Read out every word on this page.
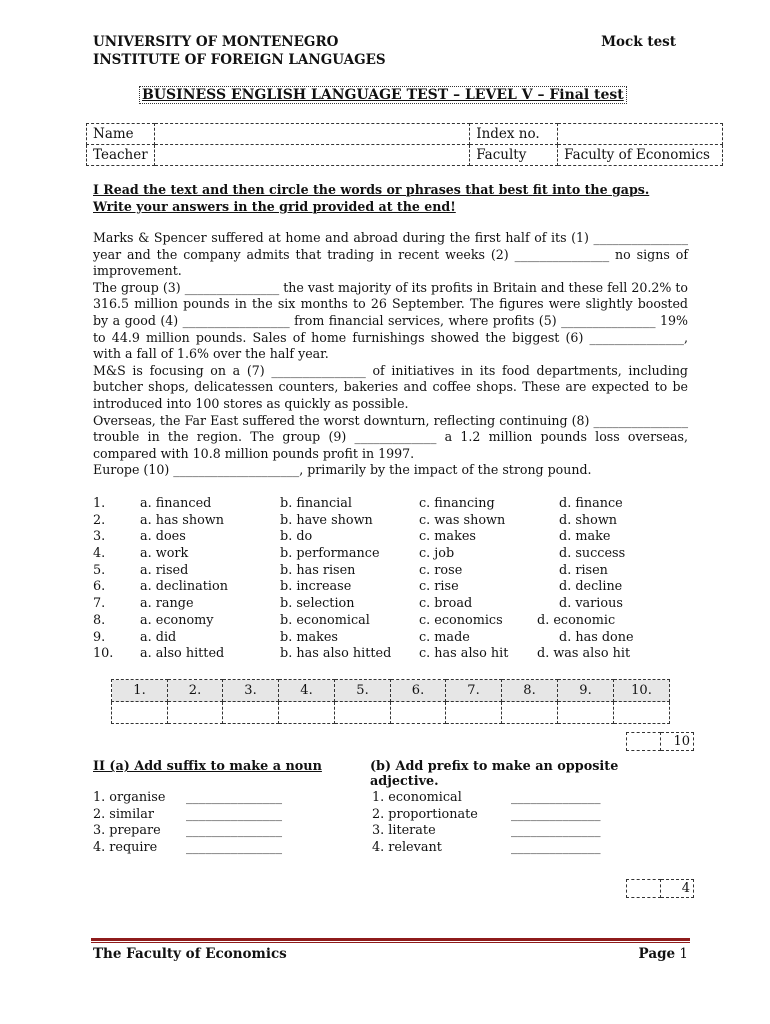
UNIVERSITY OF MONTENEGRO
INSTITUTE OF FOREIGN LANGUAGES
Mock test
BUSINESS ENGLISH LANGUAGE TEST – LEVEL V – Final test
Name		Index no.	
Teacher		Faculty	Faculty of Economics
I Read the text and then circle the words or phrases that best fit into the gaps. Write your answers in the grid provided at the end!

Marks & Spencer suffered at home and abroad during the first half of its (1) _______________ year and the company admits that trading in recent weeks (2) _______________ no signs of improvement.

The group (3) _______________ the vast majority of its profits in Britain and these fell 20.2% to 316.5 million pounds in the six months to 26 September. The figures were slightly boosted by a good (4) _________________ from financial services, where profits (5) _______________ 19% to 44.9 million pounds. Sales of home furnishings showed the biggest (6) _______________, with a fall of 1.6% over the half year.

M&S is focusing on a (7) _______________ of initiatives in its food departments, including butcher shops, delicatessen counters, bakeries and coffee shops. These are expected to be introduced into 100 stores as quickly as possible.

Overseas, the Far East suffered the worst downturn, reflecting continuing (8) _______________ trouble in the region. The group (9) _____________ a 1.2 million pounds loss overseas, compared with 10.8 million pounds profit in 1997.

Europe (10) ____________________, primarily by the impact of the strong pound.

1.	a. financed	b. financial	c. financing	d. finance
2.	a. has shown	b. have shown	c. was shown	d. shown
3.	a. does	b. do	c. makes	d. make
4.	a. work	b. performance	c. job	d. success
5.	a. rised	b. has risen	c. rose	d. risen
6.	a. declination	b. increase	c. rise	d. decline
7.	a. range	b. selection	c. broad	d. various
8.	a. economy	b. economical	c. economics	d. economic
9.	a. did	b. makes	c. made	d. has done
10. a. also hitted	b. has also hitted c. has also hit d. was also hit
1.	2.	3.	4.	5.	6.	7.	8.	9.	10.

	10
II (a) Add suffix to make a noun	(b) Add prefix to make an opposite adjective.
1. organise _______________
2. similar _______________
3. prepare _______________
4. require _______________
1. economical	______________
2. proportionate	______________
3. literate	______________
4. relevant	______________
	4
The Faculty of Economics	Page 1
